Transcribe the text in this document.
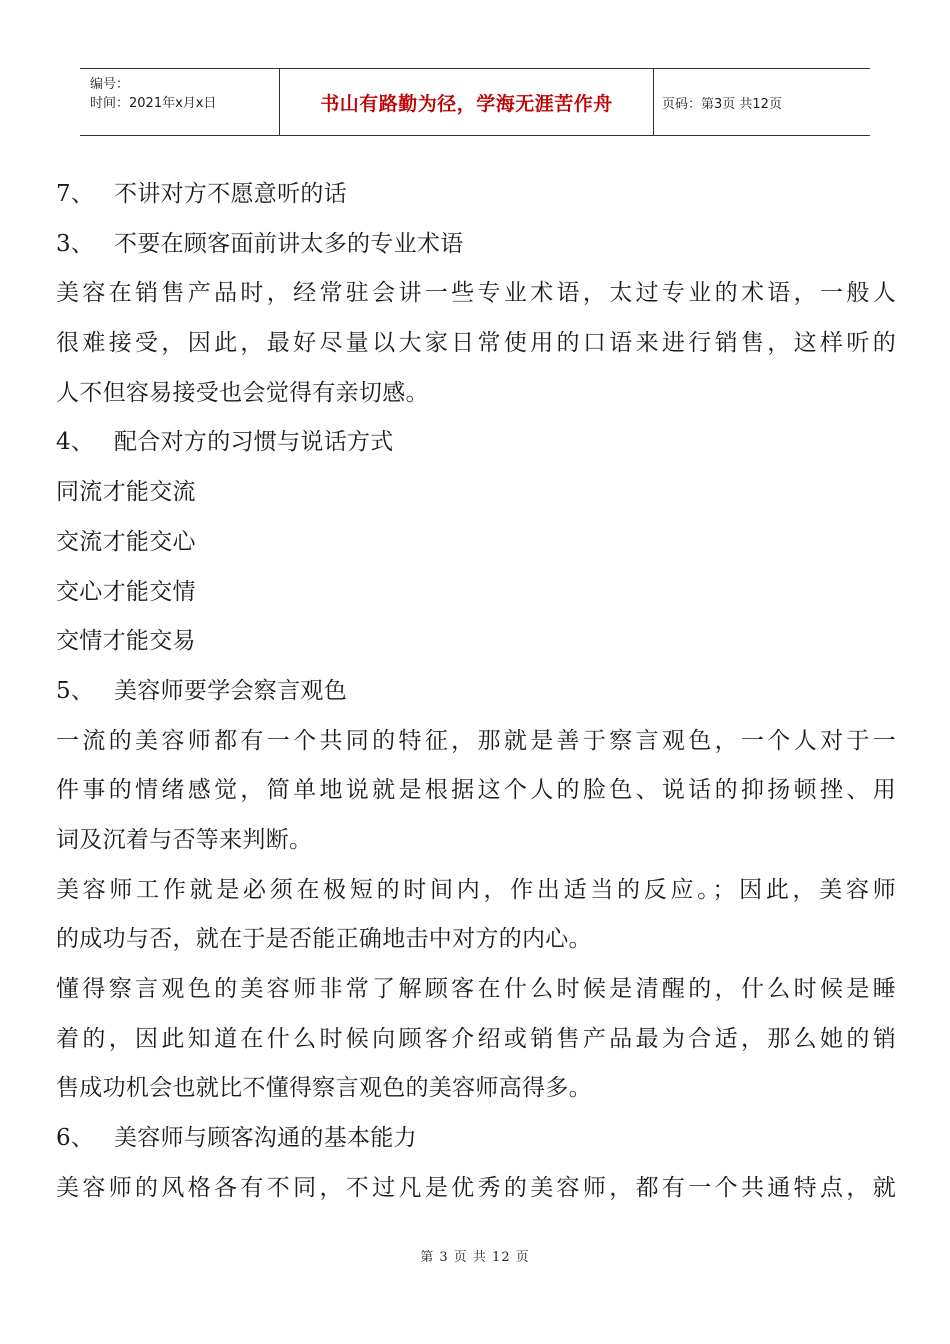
编号：
时间：2021年x月x日	书山有路勤为径，学海无涯苦作舟	页码：第3页 共12页
7、 不讲对方不愿意听的话
3、 不要在顾客面前讲太多的专业术语
美容在销售产品时，经常驻会讲一些专业术语，太过专业的术语，一般人
很难接受，因此，最好尽量以大家日常使用的口语来进行销售，这样听的
人不但容易接受也会觉得有亲切感。
4、 配合对方的习惯与说话方式
同流才能交流
交流才能交心
交心才能交情
交情才能交易
5、 美容师要学会察言观色
一流的美容师都有一个共同的特征，那就是善于察言观色，一个人对于一
件事的情绪感觉，简单地说就是根据这个人的脸色、说话的抑扬顿挫、用
词及沉着与否等来判断。
美容师工作就是必须在极短的时间内，作出适当的反应。；因此，美容师
的成功与否，就在于是否能正确地击中对方的内心。
懂得察言观色的美容师非常了解顾客在什么时候是清醒的，什么时候是睡
着的，因此知道在什么时候向顾客介绍或销售产品最为合适，那么她的销
售成功机会也就比不懂得察言观色的美容师高得多。
6、 美容师与顾客沟通的基本能力
美容师的风格各有不同，不过凡是优秀的美容师，都有一个共通特点，就
第 3 页 共 12 页
